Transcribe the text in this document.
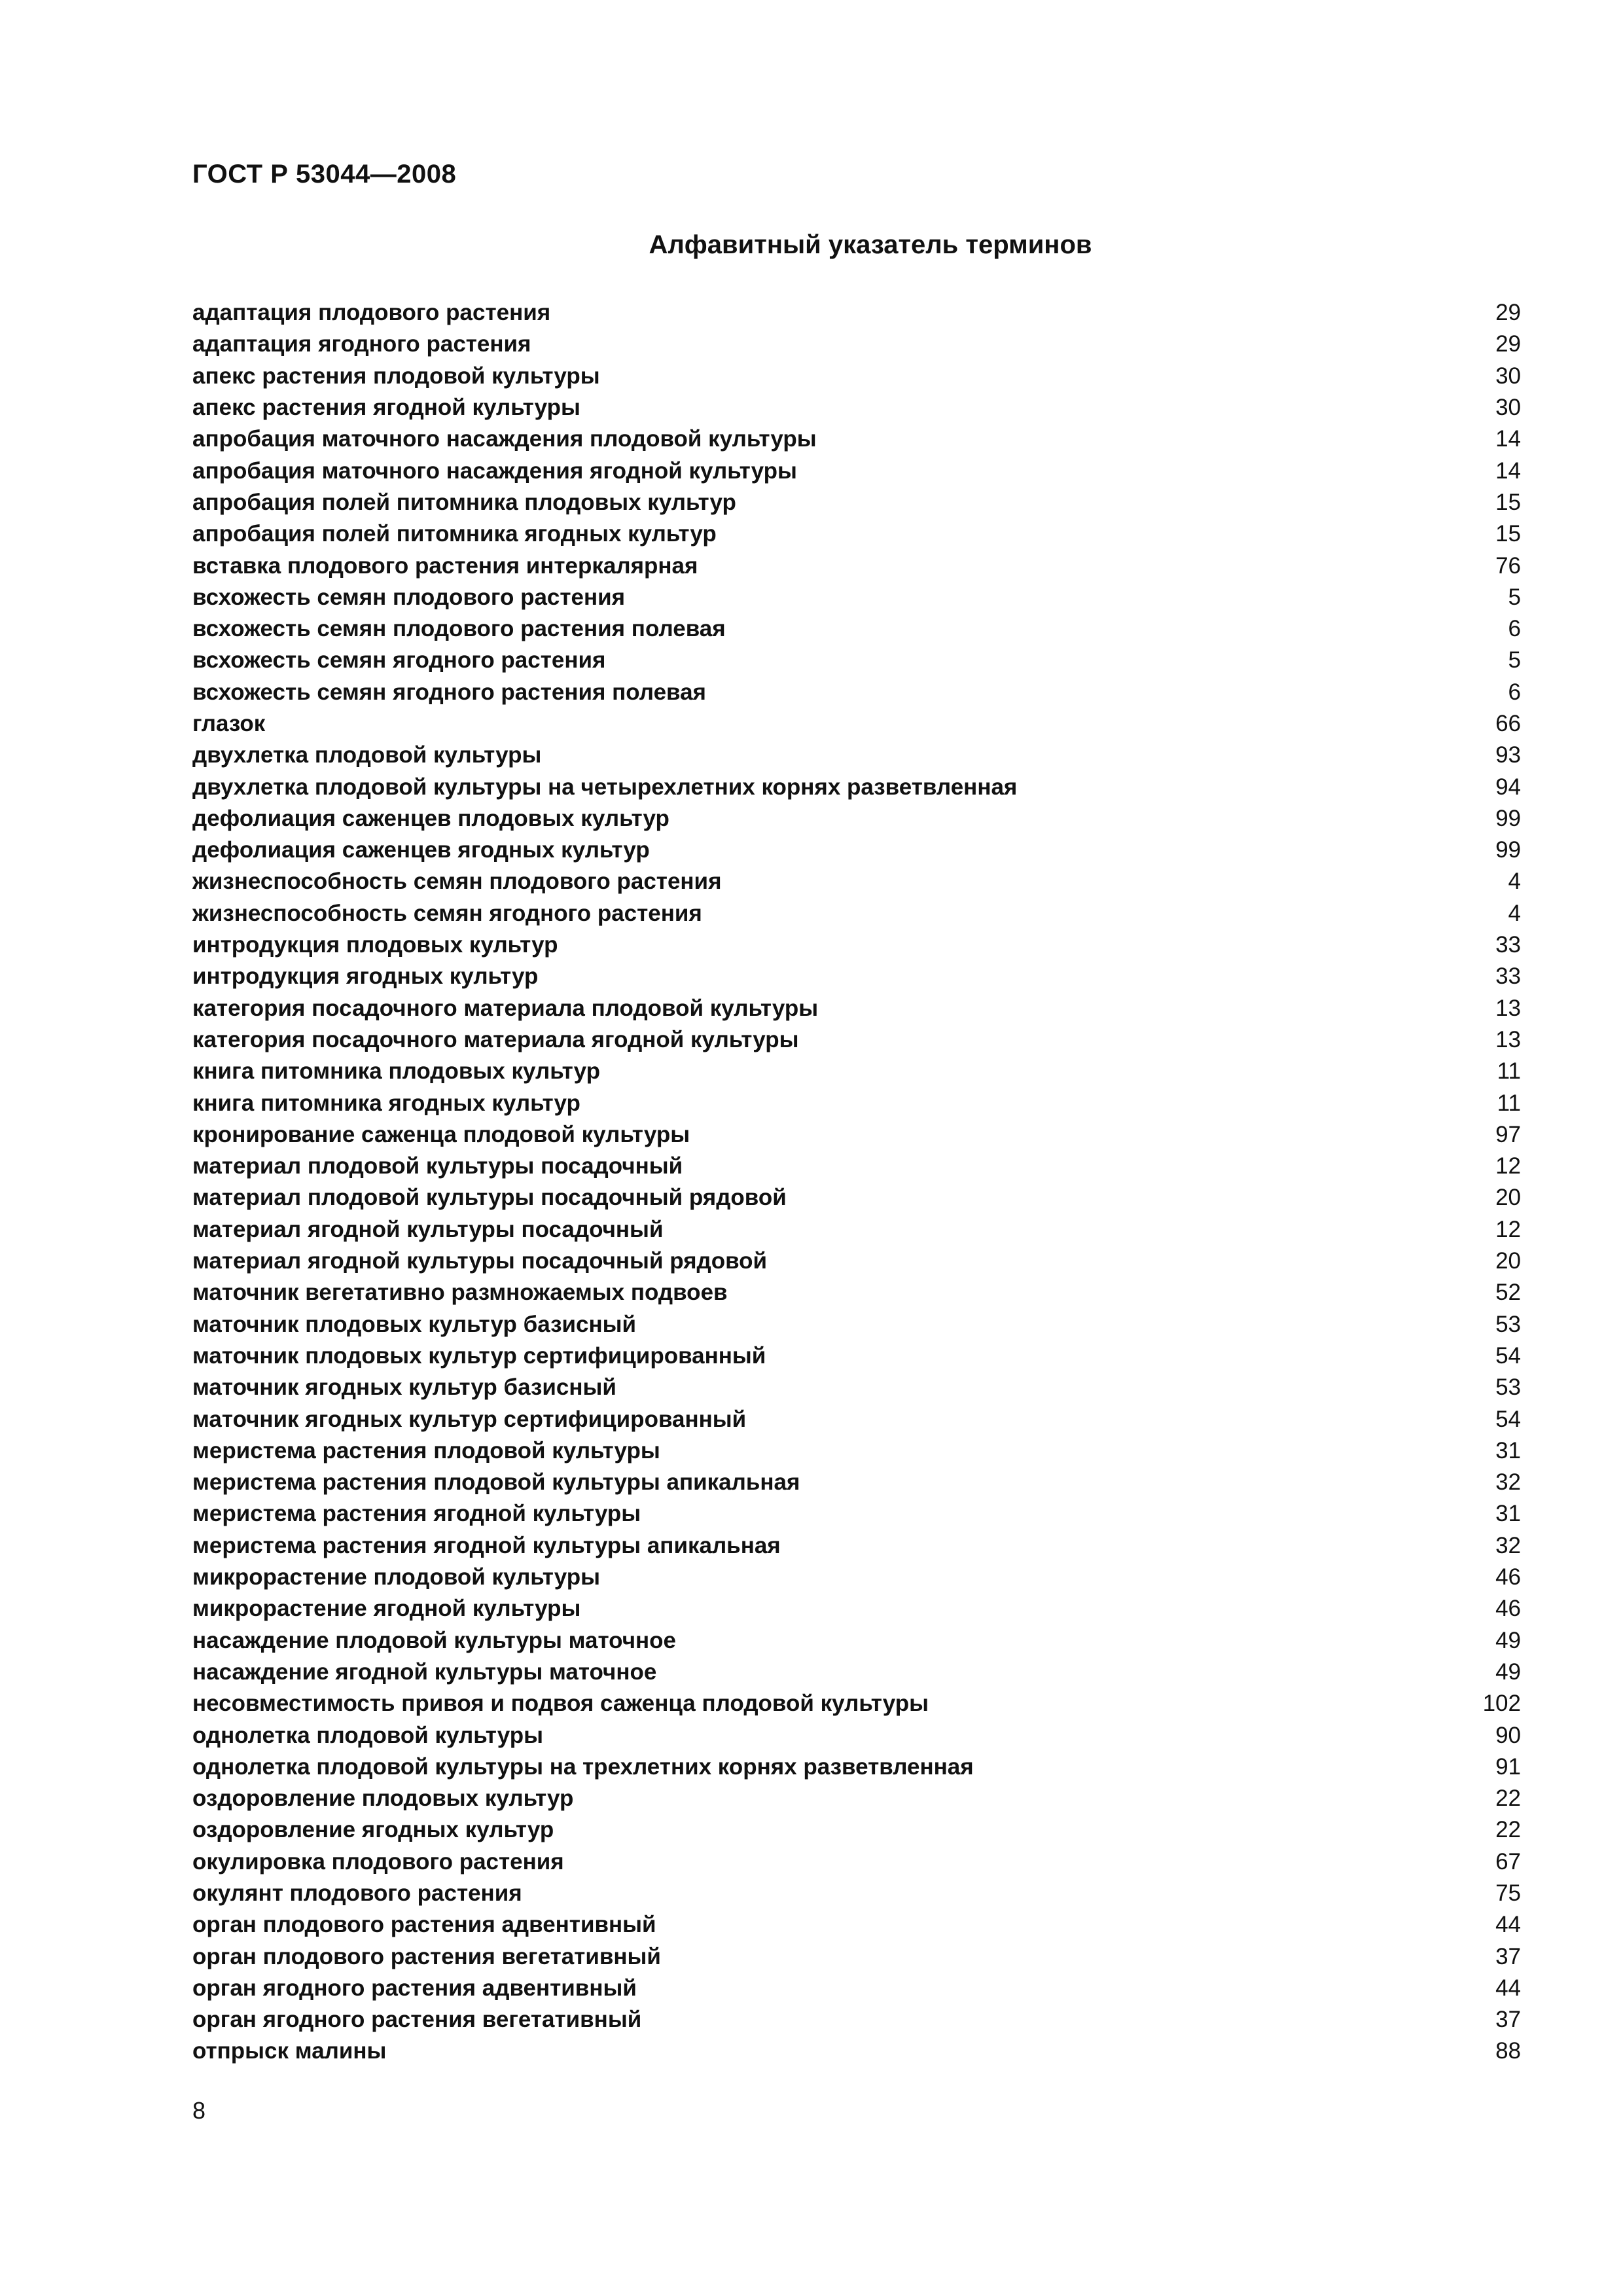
ГОСТ Р 53044—2008
Алфавитный указатель терминов
адаптация плодового растения	29
адаптация ягодного растения	29
апекс растения плодовой культуры	30
апекс растения ягодной культуры	30
апробация маточного насаждения плодовой культуры	14
апробация маточного насаждения ягодной культуры	14
апробация полей питомника плодовых культур	15
апробация полей питомника ягодных культур	15
вставка плодового растения интеркалярная	76
всхожесть семян плодового растения	5
всхожесть семян плодового растения полевая	6
всхожесть семян ягодного растения	5
всхожесть семян ягодного растения полевая	6
глазок	66
двухлетка плодовой культуры	93
двухлетка плодовой культуры на четырехлетних корнях разветвленная	94
дефолиация саженцев плодовых культур	99
дефолиация саженцев ягодных культур	99
жизнеспособность семян плодового растения	4
жизнеспособность семян ягодного растения	4
интродукция плодовых культур	33
интродукция ягодных культур	33
категория посадочного материала плодовой культуры	13
категория посадочного материала ягодной культуры	13
книга питомника плодовых культур	11
книга питомника ягодных культур	11
кронирование саженца плодовой культуры	97
материал плодовой культуры посадочный	12
материал плодовой культуры посадочный рядовой	20
материал ягодной культуры посадочный	12
материал ягодной культуры посадочный рядовой	20
маточник вегетативно размножаемых подвоев	52
маточник плодовых культур базисный	53
маточник плодовых культур сертифицированный	54
маточник ягодных культур базисный	53
маточник ягодных культур сертифицированный	54
меристема растения плодовой культуры	31
меристема растения плодовой культуры апикальная	32
меристема растения ягодной культуры	31
меристема растения ягодной культуры апикальная	32
микрорастение плодовой культуры	46
микрорастение ягодной культуры	46
насаждение плодовой культуры маточное	49
насаждение ягодной культуры маточное	49
несовместимость привоя и подвоя саженца плодовой культуры	102
однолетка плодовой культуры	90
однолетка плодовой культуры на трехлетних корнях разветвленная	91
оздоровление плодовых культур	22
оздоровление ягодных культур	22
окулировка плодового растения	67
окулянт плодового растения	75
орган плодового растения адвентивный	44
орган плодового растения вегетативный	37
орган ягодного растения адвентивный	44
орган ягодного растения вегетативный	37
отпрыск малины	88
8
